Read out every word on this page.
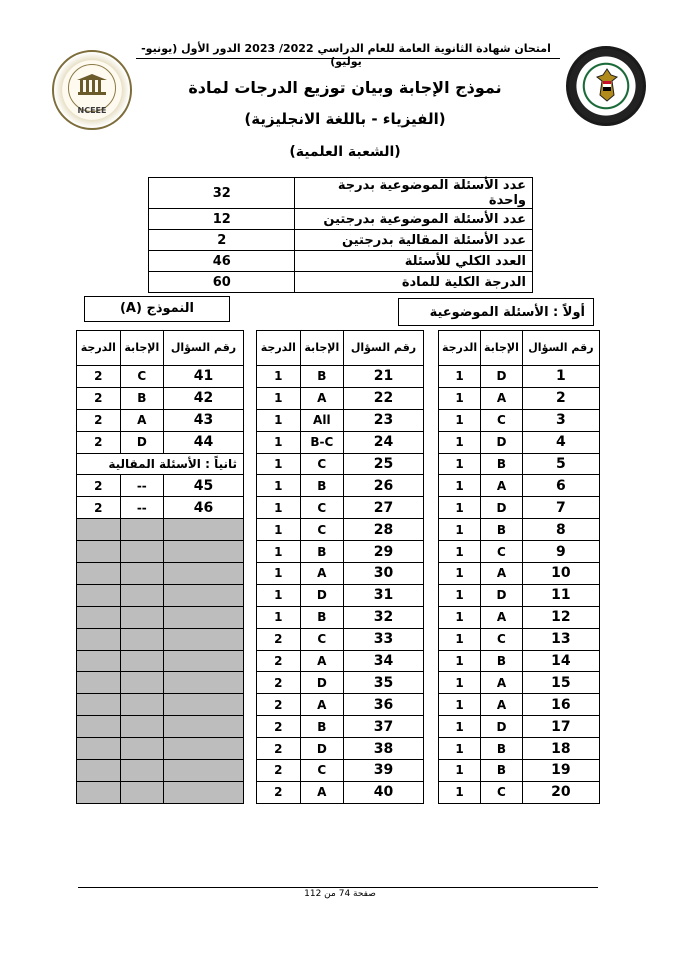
NCEEE
امتحان شهادة الثانوية العامة للعام الدراسي 2022/ 2023 الدور الأول (يونيو- يوليو)
نموذج الإجابة وبيان توزيع الدرجات لمادة
(الفيزياء - باللغة الانجليزية)
(الشعبة العلمية)
32	عدد الأسئلة الموضوعية بدرجة واحدة
12	عدد الأسئلة الموضوعية بدرجتين
2	عدد الأسئلة المقالية بدرجتين
46	العدد الكلي للأسئلة
60	الدرجة الكلية للمادة
النموذج (A)	أولاً : الأسئلة الموضوعية
الدرجة	الإجابة	رقم السؤال
1	D	1
1	A	2
1	C	3
1	D	4
1	B	5
1	A	6
1	D	7
1	B	8
1	C	9
1	A	10
1	D	11
1	A	12
1	C	13
1	B	14
1	A	15
1	A	16
1	D	17
1	B	18
1	B	19
1	C	20
الدرجة	الإجابة	رقم السؤال
1	B	21
1	A	22
1	All	23
1	B-C	24
1	C	25
1	B	26
1	C	27
1	C	28
1	B	29
1	A	30
1	D	31
1	B	32
2	C	33
2	A	34
2	D	35
2	A	36
2	B	37
2	D	38
2	C	39
2	A	40
الدرجة	الإجابة	رقم السؤال
2	C	41
2	B	42
2	A	43
2	D	44
ثانياً : الأسئلة المقالية		
2	--	45
2	--	46

صفحة 74 من 112
